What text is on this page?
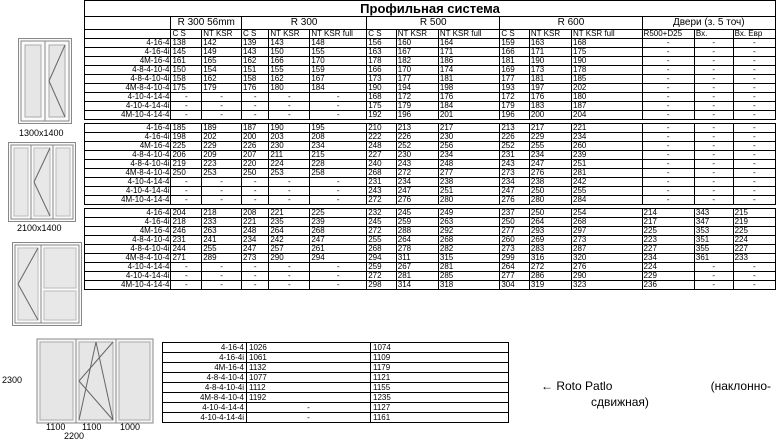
1300x1400
2100x1400
2300
1100 1100 1000
2200
Профильная система														
	R 300 56mm		R 300			R 500			R 600			Двери (з. 5 точ)		
	C S	NT KSR	C S	NT KSR	NT KSR full	C S	NT KSR	NT KSR full	C S	NT KSR	NT KSR full	R500+D25	Вх.	Вх. Евр
4-16-4	138	142	139	143	148	156	160	164	159	163	168	-	-	-
4-16-4i	145	149	143	150	155	163	167	171	166	171	175	-	-	-
4M-16-4	161	165	162	166	170	178	182	186	181	190	190	-	-	-
4-8-4-10-4	150	154	151	155	159	166	170	174	169	173	178	-	-	-
4-8-4-10-4i	158	162	158	162	167	173	177	181	177	181	185	-	-	-
4M-8-4-10-4	175	179	176	180	184	190	194	198	193	197	202	-	-	-
4-10-4-14-4	-	-	-	-	-	168	172	176	172	176	180	-	-	-
4-10-4-14-4i	-	-	-	-	-	175	179	184	179	183	187	-	-	-
4M-10-4-14-4	-	-	-	-	-	192	196	201	196	200	204	-	-	-

4-16-4	185	189	187	190	195	210	213	217	213	217	221	-	-	-
4-16-4i	198	202	200	203	208	222	226	230	226	229	234	-	-	-
4M-16-4	225	229	226	230	234	248	252	256	252	255	260	-	-	-
4-8-4-10-4	206	209	207	211	215	227	230	234	231	234	239	-	-	-
4-8-4-10-4i	219	223	220	224	228	240	243	248	243	247	251	-	-	-
4M-8-4-10-4	250	253	250	253	258	268	272	277	273	276	281	-	-	-
4-10-4-14-4	-	-	-	-	-	231	234	238	234	238	242	-	-	-
4-10-4-14-4i	-	-	-	-	-	243	247	251	247	250	255	-	-	-
4M-10-4-14-4	-	-	-	-	-	272	276	280	276	280	284	-	-	-

4-16-4	204	218	208	221	225	232	245	249	237	250	254	214	343	215
4-16-4i	218	233	221	235	239	245	259	263	250	264	268	217	347	219
4M-16-4	246	263	248	264	268	272	288	292	277	293	297	225	353	225
4-8-4-10-4	231	241	234	242	247	255	264	268	260	269	273	223	351	224
4-8-4-10-4i	244	255	247	257	261	268	278	282	273	283	287	227	355	227
4M-8-4-10-4	271	289	273	290	294	294	311	315	299	316	320	234	361	233
4-10-4-14-4	-	-	-	-	-	259	267	281	264	272	276	224	-	-
4-10-4-14-4i	-	-	-	-	-	272	281	285	277	286	290	229	-	-
4M-10-4-14-4	-	-	-	-	-	298	314	318	304	319	323	236	-	-
4-16-4	1026	1074
4-16-4i	1061	1109
4M-16-4	1132	1179
4-8-4-10-4	1077	1121
4-8-4-10-4i	1112	1155
4M-8-4-10-4	1192	1235
4-10-4-14-4	-	1127
4-10-4-14-4i	-	1161
← Roto Patlo	(наклонно-
сдвижная)
